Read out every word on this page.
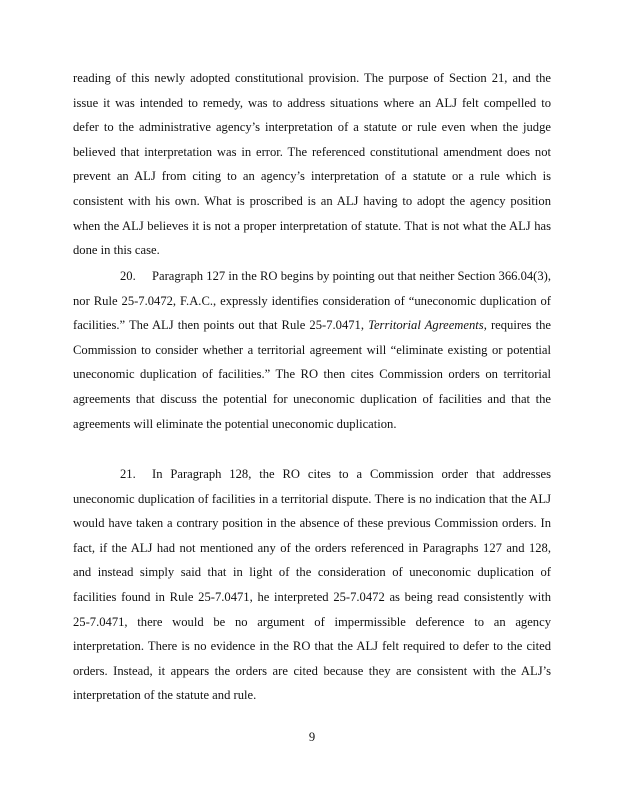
reading of this newly adopted constitutional provision. The purpose of Section 21, and the issue it was intended to remedy, was to address situations where an ALJ felt compelled to defer to the administrative agency’s interpretation of a statute or rule even when the judge believed that interpretation was in error. The referenced constitutional amendment does not prevent an ALJ from citing to an agency’s interpretation of a statute or a rule which is consistent with his own. What is proscribed is an ALJ having to adopt the agency position when the ALJ believes it is not a proper interpretation of statute. That is not what the ALJ has done in this case.

20. Paragraph 127 in the RO begins by pointing out that neither Section 366.04(3), nor Rule 25-7.0472, F.A.C., expressly identifies consideration of “uneconomic duplication of facilities.” The ALJ then points out that Rule 25-7.0471, Territorial Agreements, requires the Commission to consider whether a territorial agreement will “eliminate existing or potential uneconomic duplication of facilities.” The RO then cites Commission orders on territorial agreements that discuss the potential for uneconomic duplication of facilities and that the agreements will eliminate the potential uneconomic duplication.

21. In Paragraph 128, the RO cites to a Commission order that addresses uneconomic duplication of facilities in a territorial dispute. There is no indication that the ALJ would have taken a contrary position in the absence of these previous Commission orders. In fact, if the ALJ had not mentioned any of the orders referenced in Paragraphs 127 and 128, and instead simply said that in light of the consideration of uneconomic duplication of facilities found in Rule 25-7.0471, he interpreted 25-7.0472 as being read consistently with 25-7.0471, there would be no argument of impermissible deference to an agency interpretation. There is no evidence in the RO that the ALJ felt required to defer to the cited orders. Instead, it appears the orders are cited because they are consistent with the ALJ’s interpretation of the statute and rule.

9
